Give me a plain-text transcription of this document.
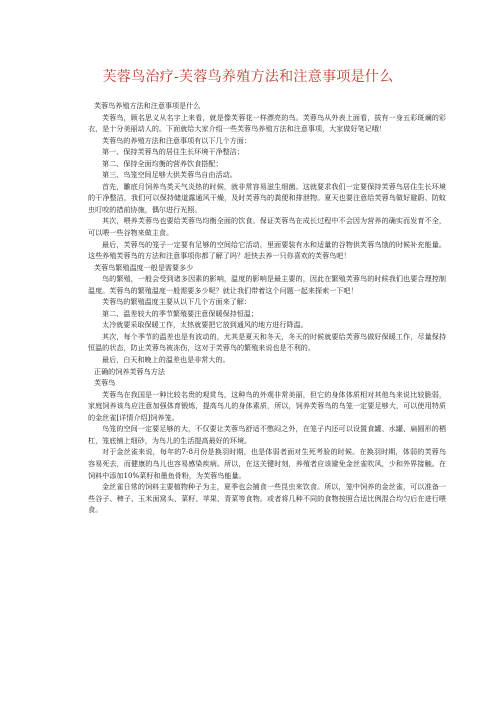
芙蓉鸟治疗-芙蓉鸟养殖方法和注意事项是什么

芙蓉鸟养殖方法和注意事项是什么

芙蓉鸟，顾名思义从名字上来看，就是像芙蓉花一样漂亮的鸟。芙蓉鸟从外表上面看，拔有一身五彩斑斓的彩衣，是十分美丽动人的。下面就给大家介绍一些芙蓉鸟养殖方法和注意事项，大家做好笔记哦！

芙蓉鸟的养殖方法和注意事项有以下几个方面：

第一、保持芙蓉鸟的居住生长环境干净整洁；

第二、保持全面均衡的营养饮食搭配；

第三、鸟笼空间足够大供芙蓉鸟自由活动。

首先，雛底月饲养鸟类天气炎热的时候，就非常容易滋生细菌。这就要求我们一定要保持芙蓉鸟居住生长环境的干净整洁，我们可以保持储道露通风干燥，及时芙蓉鸟的粪便和排泄物。夏天也要注意给芙蓉鸟做好避蔚、防蚊虫叮咬的措前协施，偶尔进行光照。

其次，喂养芙蓉鸟也要给芙蓉鸟均衡全面的饮食。保证芙蓉鸟在成长过程中不会因为营养的确实而发育不全，可以喂一些谷物来做主食。

最后，芙蓉鸟的笼子一定要有足够的空间给它活动，里面要装有水和适量的谷物供芙蓉鸟饿的时候补充能量。这些养殖芙蓉鸟的方法和注意事项你都了解了吗？赶快去养一只你喜欢的芙蓉鸟吧！

芙蓉鸟繁殖温度一般是需要多少

鸟的繁殖，一般会受到诸多因素的影响，温度的影响是最主要的，因此在繁殖芙蓉鸟的时候我们也要合理控制温度。芙蓉鸟的繁殖温度一般需要多少呢？就让我们带着这个问题一起来探索一下吧！

芙蓉鸟的繁殖温度主要从以下几个方面来了解：

第二、温差较大的季节繁殖要注意保暖保持恒温；

太冷就要采取保暖工作，太热就要把它放到通风的地方进行降温。

其次，每个季节的温差也是有波动的，尤其是夏天和冬天，冬天的时候就要给芙蓉鸟做好保暖工作，尽量保持恒温的状态，防止芙蓉鸟被冻伤，这对于芙蓉鸟的繁殖来说也是不利的。

最后，白天和晚上的温差也是非常大的。

正确的饲养芙蓉鸟方法

芙蓉鸟

芙蓉鸟在我国是一种比较名贵的观赏鸟，这种鸟的外观非常美丽，但它的身体体质相对其他鸟来说比较脆弱，家庭饲养该鸟应注意加强体育锻炼，提高鸟儿的身体素质，所以，饲养芙蓉鸟的鸟笼一定要足够大，可以使用特质的金丝雀[详情介绍]饲养笼。

鸟笼的空间一定要足够的大，不仅要让芙蓉鸟舒适不憋闷之外，在笼子内还可以设置食罐、水罐、扁圆形的栖杠，笼底铺上细砂，为鸟儿的生活提高最好的环境。

对于金丝雀来说，每年的7-8月份是换羽时期，也是体弱者面对生死考验的时候。在换羽时期，体弱的芙蓉鸟容易死去，而健康的鸟儿也容易感染疾病。所以，在这关键时刻，养殖者应该避免金丝雀吹风，少和外界接触。在饲料中添加10%菜籽和墨鱼骨粉，为芙蓉鸟能量。

金丝雀日常的饲料主要植物种子为主，夏季也会捕食一些昆虫来饮食。所以，笼中饲养的金丝雀，可以准备一些谷子、稗子、玉米面窝头、菜籽、苹果、青菜等食物。或者将几种不同的食物按照合适比例混合均匀后在进行喂食。
